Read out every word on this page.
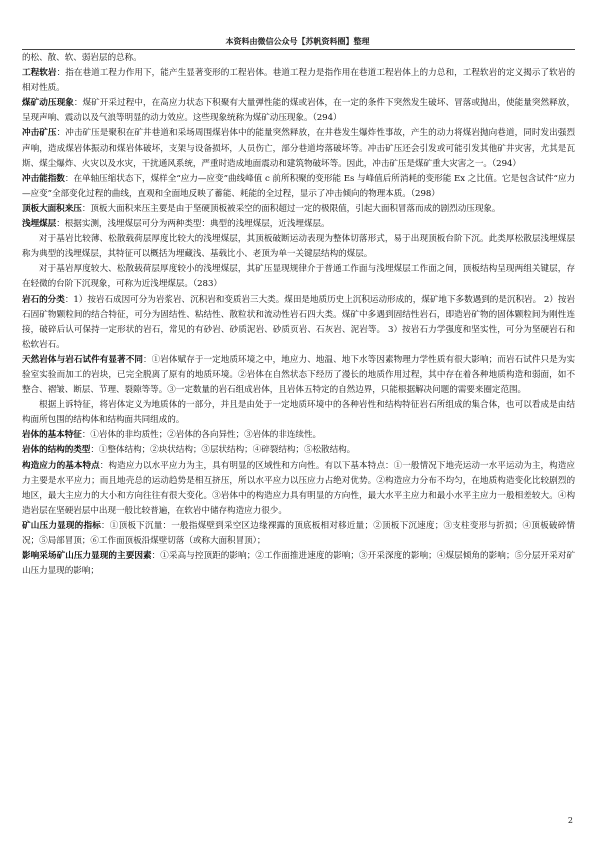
本资料由微信公众号【苏帆资料圈】整理

的松、散、软、弱岩层的总称。

工程软岩：指在巷道工程力作用下，能产生显著变形的工程岩体。巷道工程力是指作用在巷道工程岩体上的力总和，工程软岩的定义揭示了软岩的相对性质。

煤矿动压现象：煤矿开采过程中，在高应力状态下积聚有大量弹性能的煤或岩体，在一定的条件下突然发生破坏、冒落或抛出，使能量突然释放，呈现声响、震动以及气浪等明显的动力效应。这些现象统称为煤矿动压现象。（294）

冲击矿压：冲击矿压是聚积在矿井巷道和采场周围煤岩体中的能量突然释放，在井巷发生爆炸性事故，产生的动力将煤岩抛向巷道，同时发出强烈声响，造成煤岩体振动和煤岩体破坏，支架与设备损坏，人员伤亡，部分巷道垮落破坏等。冲击矿压还会引发或可能引发其他矿井灾害，尤其是瓦斯、煤尘爆炸、火灾以及水灾，干扰通风系统，严重时造成地面震动和建筑物破坏等。因此，冲击矿压是煤矿重大灾害之一。（294）

冲击能指数：在单轴压缩状态下，煤样全“应力—应变”曲线峰值 c 前所积聚的变形能 Es 与峰值后所消耗的变形能 Ex 之比值。它是包含试件“应力—应变”全部变化过程的曲线，直观和全面地反映了蓄能、耗能的全过程，显示了冲击倾向的物理本质。（298）

顶板大面积来压：顶板大面积来压主要是由于坚硬顶板被采空的面积超过一定的极限值，引起大面积冒落而成的剧烈动压现象。

浅埋煤层：根据实测，浅埋煤层可分为两种类型：典型的浅埋煤层，近浅埋煤层。

对于基岩比较薄、松散载荷层厚度比较大的浅埋煤层，其顶板破断运动表现为整体切落形式，易于出现顶板台阶下沉。此类厚松散层浅埋煤层称为典型的浅埋煤层，其特征可以概括为埋藏浅、基载比小、老顶为单一关键层结构的煤层。

对于基岩厚度较大、松散载荷层厚度较小的浅埋煤层，其矿压显现规律介于普通工作面与浅埋煤层工作面之间，顶板结构呈现两组关键层，存在轻微的台阶下沉现象，可称为近浅埋煤层。（283）

岩石的分类：1）按岩石成因可分为岩浆岩、沉积岩和变质岩三大类。煤田是地质历史上沉积运动形成的，煤矿地下多数遇到的是沉积岩。 2）按岩石固矿物颗粒间的结合特征，可分为固结性、粘结性、散粒状和流动性岩石四大类。煤矿中多遇到固结性岩石，即造岩矿物的固体颗粒间为刚性连接，破碎后认可保持一定形状的岩石，常见的有砂岩、砂质泥岩、砂质页岩、石灰岩、泥岩等。 3）按岩石力学强度和坚实性，可分为坚硬岩石和松软岩石。

天然岩体与岩石试件有显著不同：①岩体赋存于一定地质环境之中，地应力、地温、地下水等因素物理力学性质有很大影响；而岩石试件只是为实验室实验而加工的岩块，已完全脱离了原有的地质环境。②岩体在自然状态下经历了漫长的地质作用过程，其中存在着各种地质构造和弱面，如不整合、褶皱、断层、节理、裂隙等等。③一定数量的岩石组成岩体，且岩体五特定的自然边界，只能根据解决问题的需要来圈定范围。

根据上诉特征，将岩体定义为地质体的一部分，并且是由处于一定地质环境中的各种岩性和结构特征岩石所组成的集合体，也可以看成是由结构面所包围的结构体和结构面共同组成的。

岩体的基本特征：①岩体的非均质性；②岩体的各向异性；③岩体的非连续性。

岩体的结构的类型：①整体结构；②块状结构；③层状结构；④碎裂结构；⑤松散结构。

构造应力的基本特点：构造应力以水平应力为主，具有明显的区域性和方向性。有以下基本特点：①一般情况下地壳运动一水平运动为主，构造应力主要是水平应力；而且地壳总的运动趋势是相互挤压，所以水平应力以压应力占绝对优势。②构造应力分布不均匀，在地质构造变化比较剧烈的地区，最大主应力的大小和方向往往有很大变化。③岩体中的构造应力具有明显的方向性，最大水平主应力和最小水平主应力一般相差较大。④构造岩层在坚硬岩层中出现一般比较普遍，在软岩中储存构造应力很少。

矿山压力显现的指标：①顶板下沉量：一般指煤壁到采空区边缘裸露的顶底板相对移近量；②顶板下沉速度；③支柱变形与折损；④顶板破碎情况；⑤局部冒顶；⑥工作面顶板沿煤壁切落（或称大面积冒顶）；

影响采场矿山压力显现的主要因素：①采高与控顶距的影响；②工作面推进速度的影响；③开采深度的影响；④煤层倾角的影响；⑤分层开采对矿山压力显现的影响；

2
